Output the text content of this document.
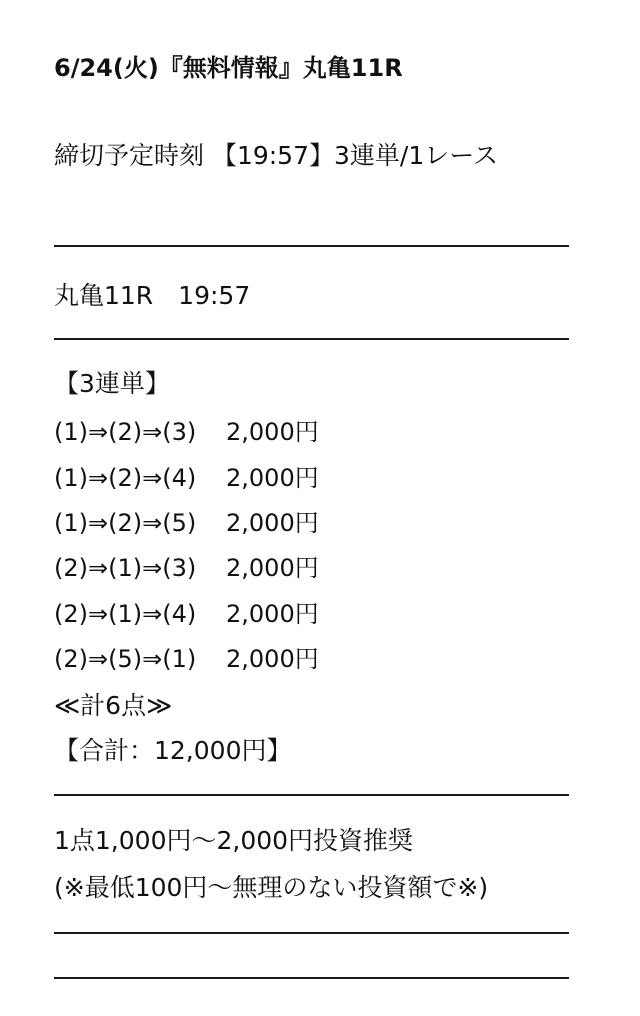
6/24(火)『無料情報』丸亀11R
締切予定時刻 【19:57】3連単/1レース
丸亀11R　19:57
【3連単】
(1)⇒(2)⇒(3) 2,000円
(1)⇒(2)⇒(4) 2,000円
(1)⇒(2)⇒(5) 2,000円
(2)⇒(1)⇒(3) 2,000円
(2)⇒(1)⇒(4) 2,000円
(2)⇒(5)⇒(1) 2,000円
≪計6点≫
【合計：12,000円】
1点1,000円〜2,000円投資推奨
(※最低100円〜無理のない投資額で※)
